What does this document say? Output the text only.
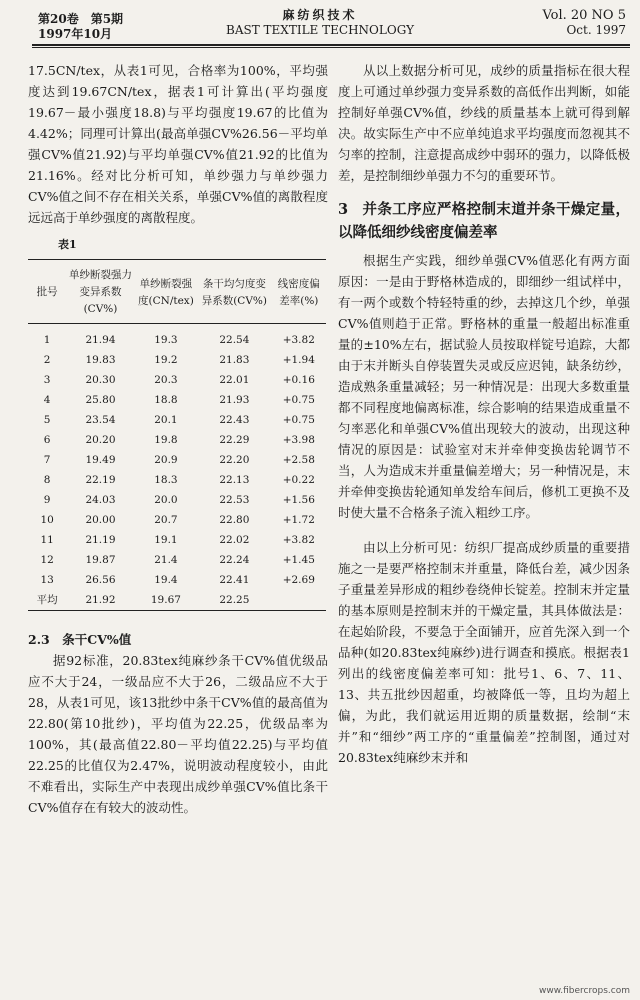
第20卷　第5期
1997年10月
麻纺织技术
BAST TEXTILE TECHNOLOGY
Vol. 20 NO 5
Oct. 1997

17.5CN/tex，从表1可见，合格率为100%，平均强度达到19.67CN/tex，据表1可计算出(平均强度19.67－最小强度18.8)与平均强度19.67的比值为4.42%；同理可计算出(最高单强CV%26.56－平均单强CV%值21.92)与平均单强CV%值21.92的比值为21.16%。经对比分析可知，单纱强力与单纱强力CV%值之间不存在相关关系，单强CV%值的离散程度远远高于单纱强度的离散程度。

表1
批号	单纱断裂强力变异系数(CV%)	单纱断裂强度(CN/tex)	条干均匀度变异系数(CV%)	线密度偏差率(%)
1	21.94	19.3	22.54	+3.82
2	19.83	19.2	21.83	+1.94
3	20.30	20.3	22.01	+0.16
4	25.80	18.8	21.93	+0.75
5	23.54	20.1	22.43	+0.75
6	20.20	19.8	22.29	+3.98
7	19.49	20.9	22.20	+2.58
8	22.19	18.3	22.13	+0.22
9	24.03	20.0	22.53	+1.56
10	20.00	20.7	22.80	+1.72
11	21.19	19.1	22.02	+3.82
12	19.87	21.4	22.24	+1.45
13	26.56	19.4	22.41	+2.69
平均	21.92	19.67	22.25	

2.3　 条干CV%值

据92标准，20.83tex纯麻纱条干CV%值优级品应不大于24，一级品应不大于26，二级品应不大于28，从表1可见，该13批纱中条干CV%值的最高值为22.80(第10批纱)，平均值为22.25，优级品率为100%，其(最高值22.80－平均值22.25)与平均值22.25的比值仅为2.47%，说明波动程度较小，由此不难看出，实际生产中表现出成纱单强CV%值比条干CV%值存在有较大的波动性。

从以上数据分析可见，成纱的质量指标在很大程度上可通过单纱强力变异系数的高低作出判断，如能控制好单强CV%值，纱线的质量基本上就可得到解决。故实际生产中不应单纯追求平均强度而忽视其不匀率的控制，注意提高成纱中弱环的强力，以降低极差，是控制细纱单强力不匀的重要环节。

3 并条工序应严格控制末道并条干燥定量，以降低细纱线密度偏差率

根据生产实践，细纱单强CV%值恶化有两方面原因：一是由于野格林造成的，即细纱一组试样中，有一两个或数个特轻特重的纱，去掉这几个纱，单强CV%值则趋于正常。野格林的重量一般超出标准重量的±10%左右，据试验人员按取样锭号追踪，大都由于末并断头自停装置失灵或反应迟钝，缺条纺纱，造成熟条重量减轻；另一种情况是：出现大多数重量都不同程度地偏离标准，综合影响的结果造成重量不匀率恶化和单强CV%值出现较大的波动，出现这种情况的原因是：试验室对末并牵伸变换齿轮调节不当，人为造成末并重量偏差增大；另一种情况是，末并牵伸变换齿轮通知单发给车间后，修机工更换不及时使大量不合格条子流入粗纱工序。

由以上分析可见：纺织厂提高成纱质量的重要措施之一是要严格控制末并重量，降低台差，减少因条子重量差异形成的粗纱卷绕伸长锭差。控制末并定量的基本原则是控制末并的干燥定量，其具体做法是：在起始阶段，不要急于全面铺开，应首先深入到一个品种(如20.83tex纯麻纱)进行调查和摸底。根据表1列出的线密度偏差率可知：批号1、6、7、11、13、共五批纱因超重，均被降低一等，且均为超上偏，为此，我们就运用近期的质量数据，绘制“末并”和“细纱”两工序的“重量偏差”控制图，通过对20.83tex纯麻纱末并和

www.fibercrops.com
